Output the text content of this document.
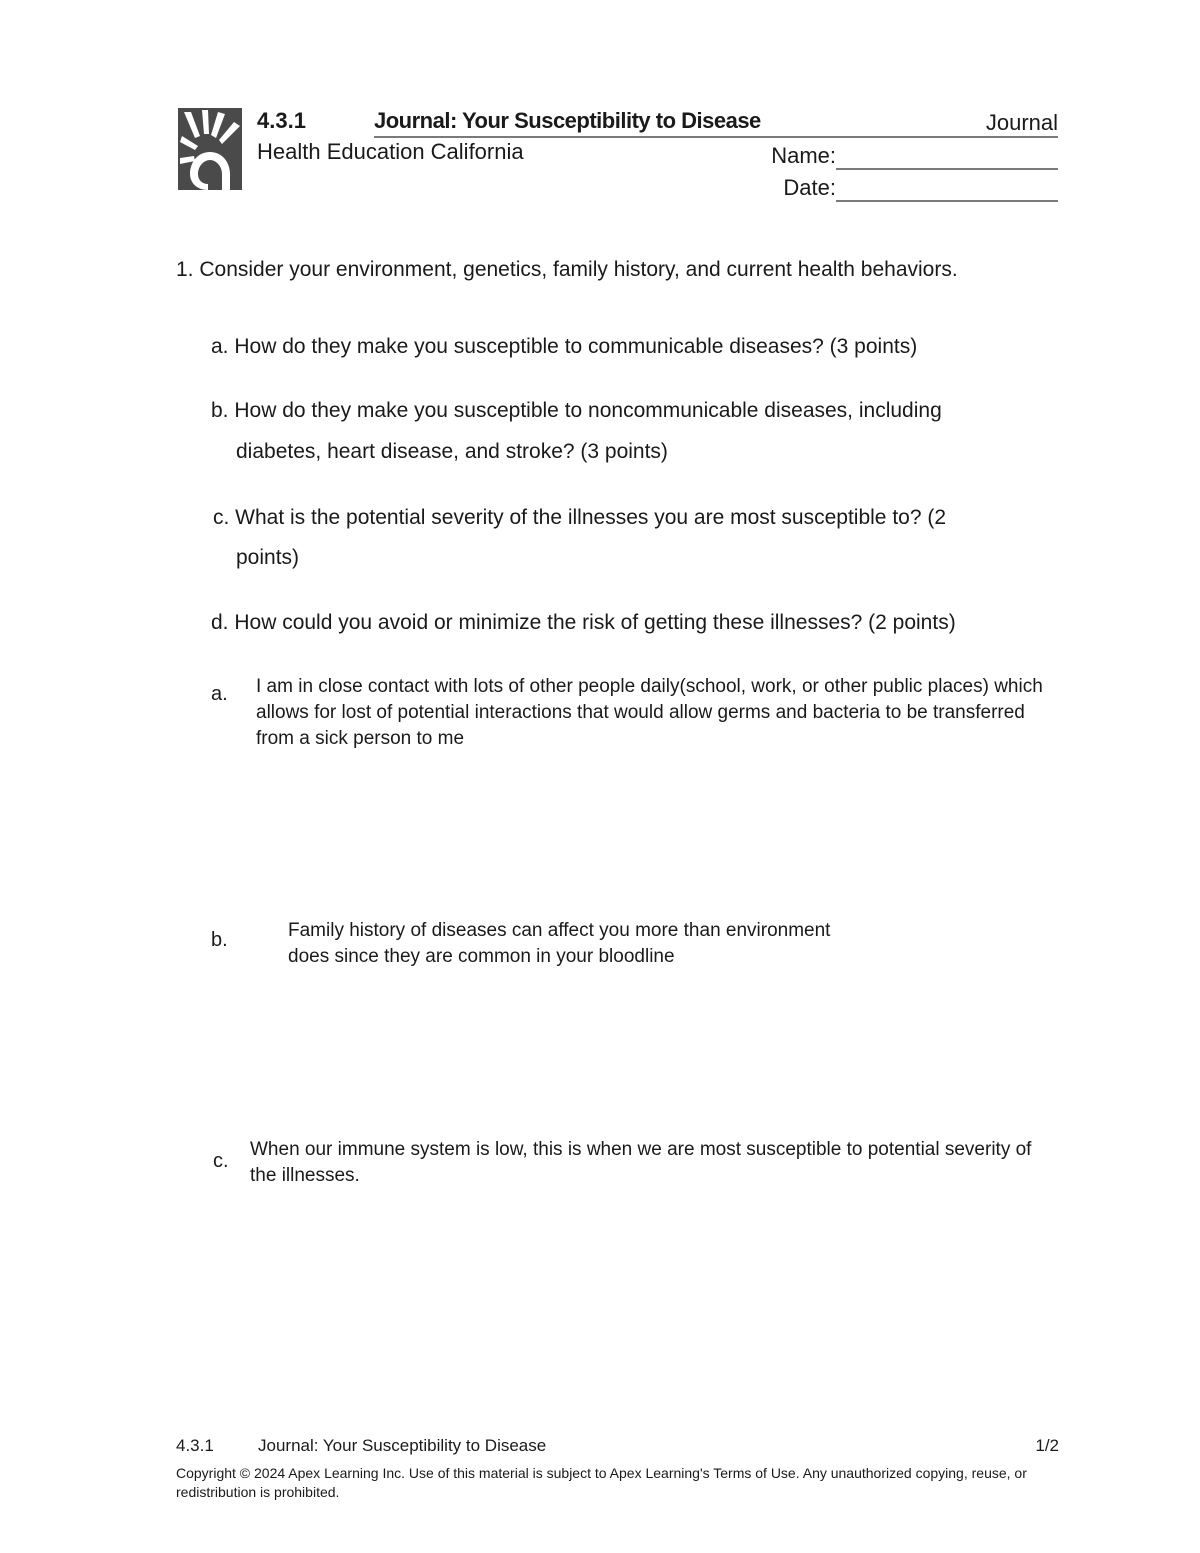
4.3.1	Journal: Your Susceptibility to Disease	Journal
Health Education California	Name:
Date:
1. Consider your environment, genetics, family history, and current health behaviors.
a. How do they make you susceptible to communicable diseases? (3 points)
b. How do they make you susceptible to noncommunicable diseases, including
diabetes, heart disease, and stroke? (3 points)
c. What is the potential severity of the illnesses you are most susceptible to? (2
points)
d. How could you avoid or minimize the risk of getting these illnesses? (2 points)
a. I am in close contact with lots of other people daily(school, work, or other public places) which allows for lost of potential interactions that would allow germs and bacteria to be transferred from a sick person to me
b.	Family history of diseases can affect you more than environment does since they are common in your bloodline
c.
When our immune system is low, this is when we are most susceptible to potential severity of the illnesses.
4.3.1	Journal: Your Susceptibility to Disease	1/2
Copyright © 2024 Apex Learning Inc. Use of this material is subject to Apex Learning's Terms of Use. Any unauthorized copying, reuse, or redistribution is prohibited.
